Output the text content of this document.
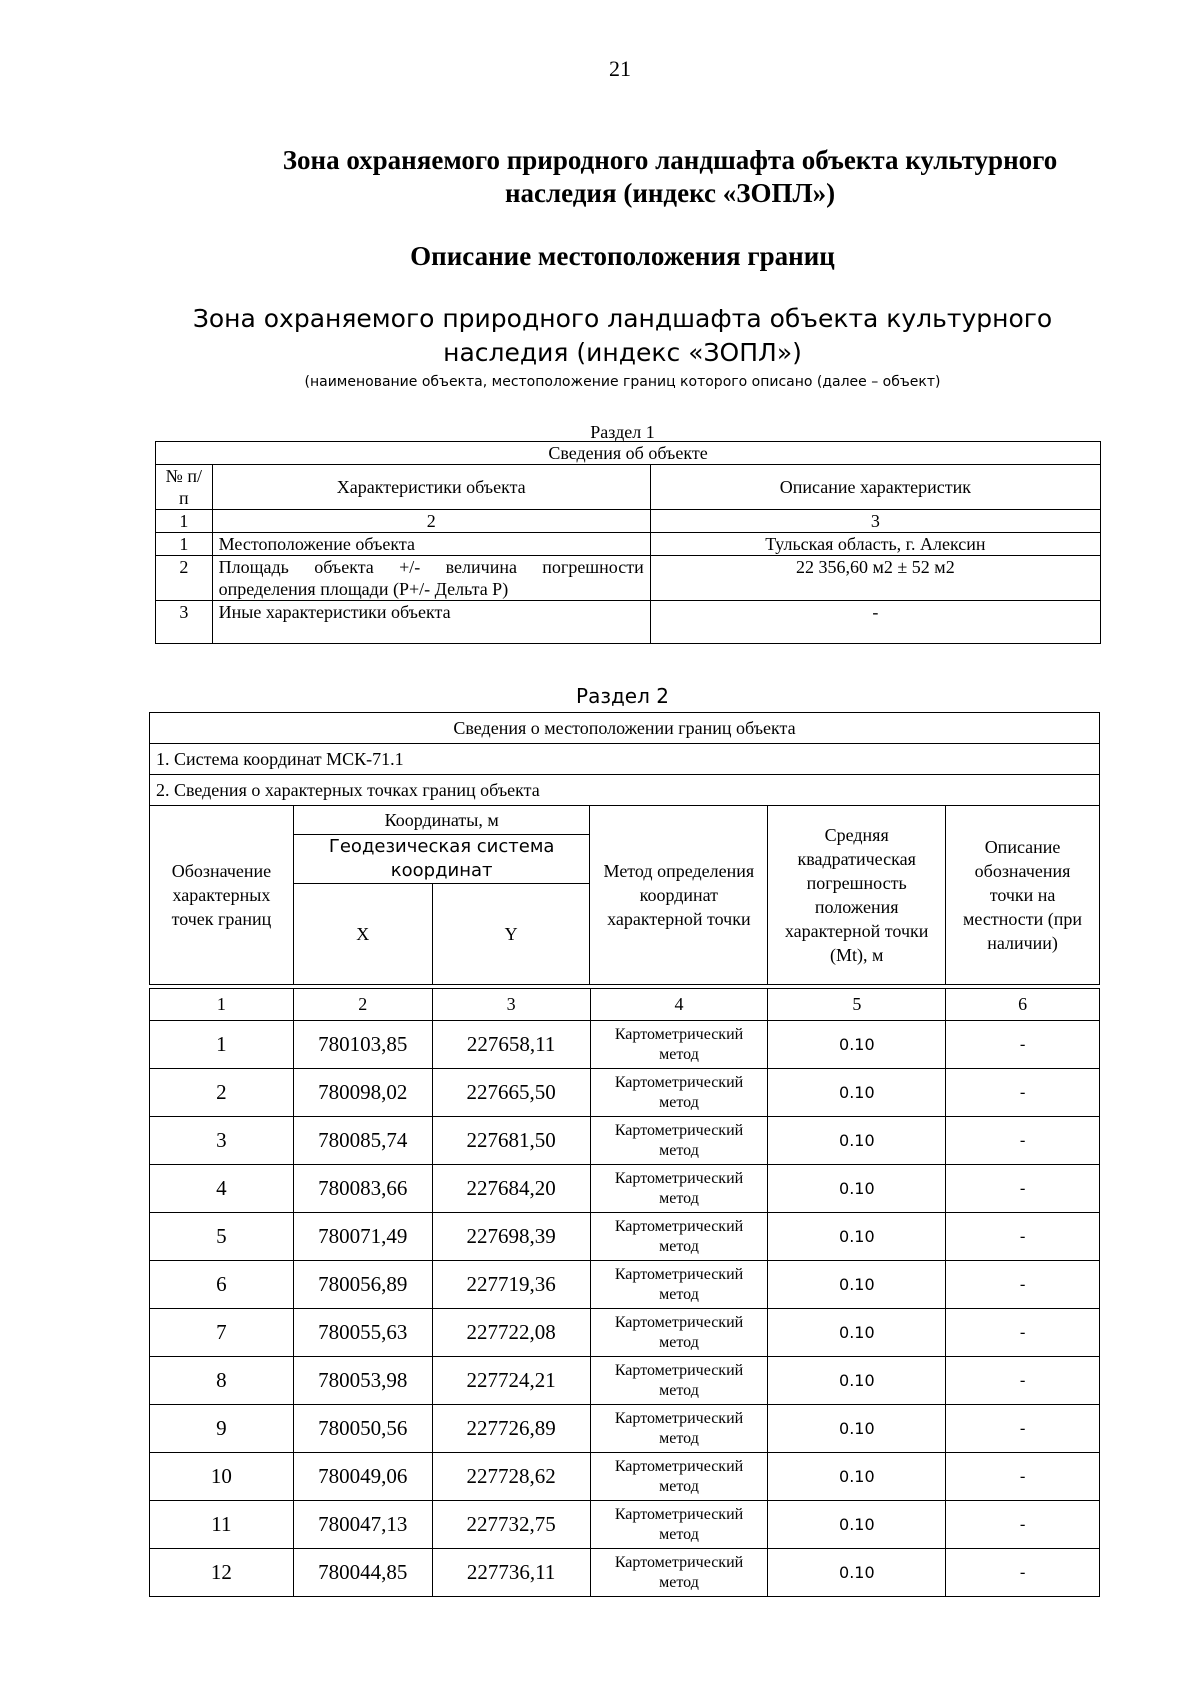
21
Зона охраняемого природного ландшафта объекта культурного
наследия (индекс «ЗОПЛ»)
Описание местоположения границ
Зона охраняемого природного ландшафта объекта культурного
наследия (индекс «ЗОПЛ»)
(наименование объекта, местоположение границ которого описано (далее – объект)
Раздел 1
Сведения об объекте		
№ п/п	Характеристики объекта	Описание характеристик
1	2	3
1	Местоположение объекта	Тульская область, г. Алексин
2	Площадь объекта +/- величина погрешности определения площади (Р+/- Дельта Р)	22 356,60 м2 ± 52 м2
3	Иные характеристики объекта	-
Раздел 2
Сведения о местоположении границ объекта					
1. Система координат МСК-71.1					
2. Сведения о характерных точках границ объекта					
Обозначение характерных точек границ	Координаты, м		Метод определения координат характерной точки	Средняя квадратическая погрешность положения характерной точки (Mt), м	Описание обозначения точки на местности (при наличии)
	Геодезическая система координат				
	X	Y			
1	2	3	4	5	6
1	780103,85	227658,11	Картометрический метод	0.10	-
2	780098,02	227665,50	Картометрический метод	0.10	-
3	780085,74	227681,50	Картометрический метод	0.10	-
4	780083,66	227684,20	Картометрический метод	0.10	-
5	780071,49	227698,39	Картометрический метод	0.10	-
6	780056,89	227719,36	Картометрический метод	0.10	-
7	780055,63	227722,08	Картометрический метод	0.10	-
8	780053,98	227724,21	Картометрический метод	0.10	-
9	780050,56	227726,89	Картометрический метод	0.10	-
10	780049,06	227728,62	Картометрический метод	0.10	-
11	780047,13	227732,75	Картометрический метод	0.10	-
12	780044,85	227736,11	Картометрический метод	0.10	-
